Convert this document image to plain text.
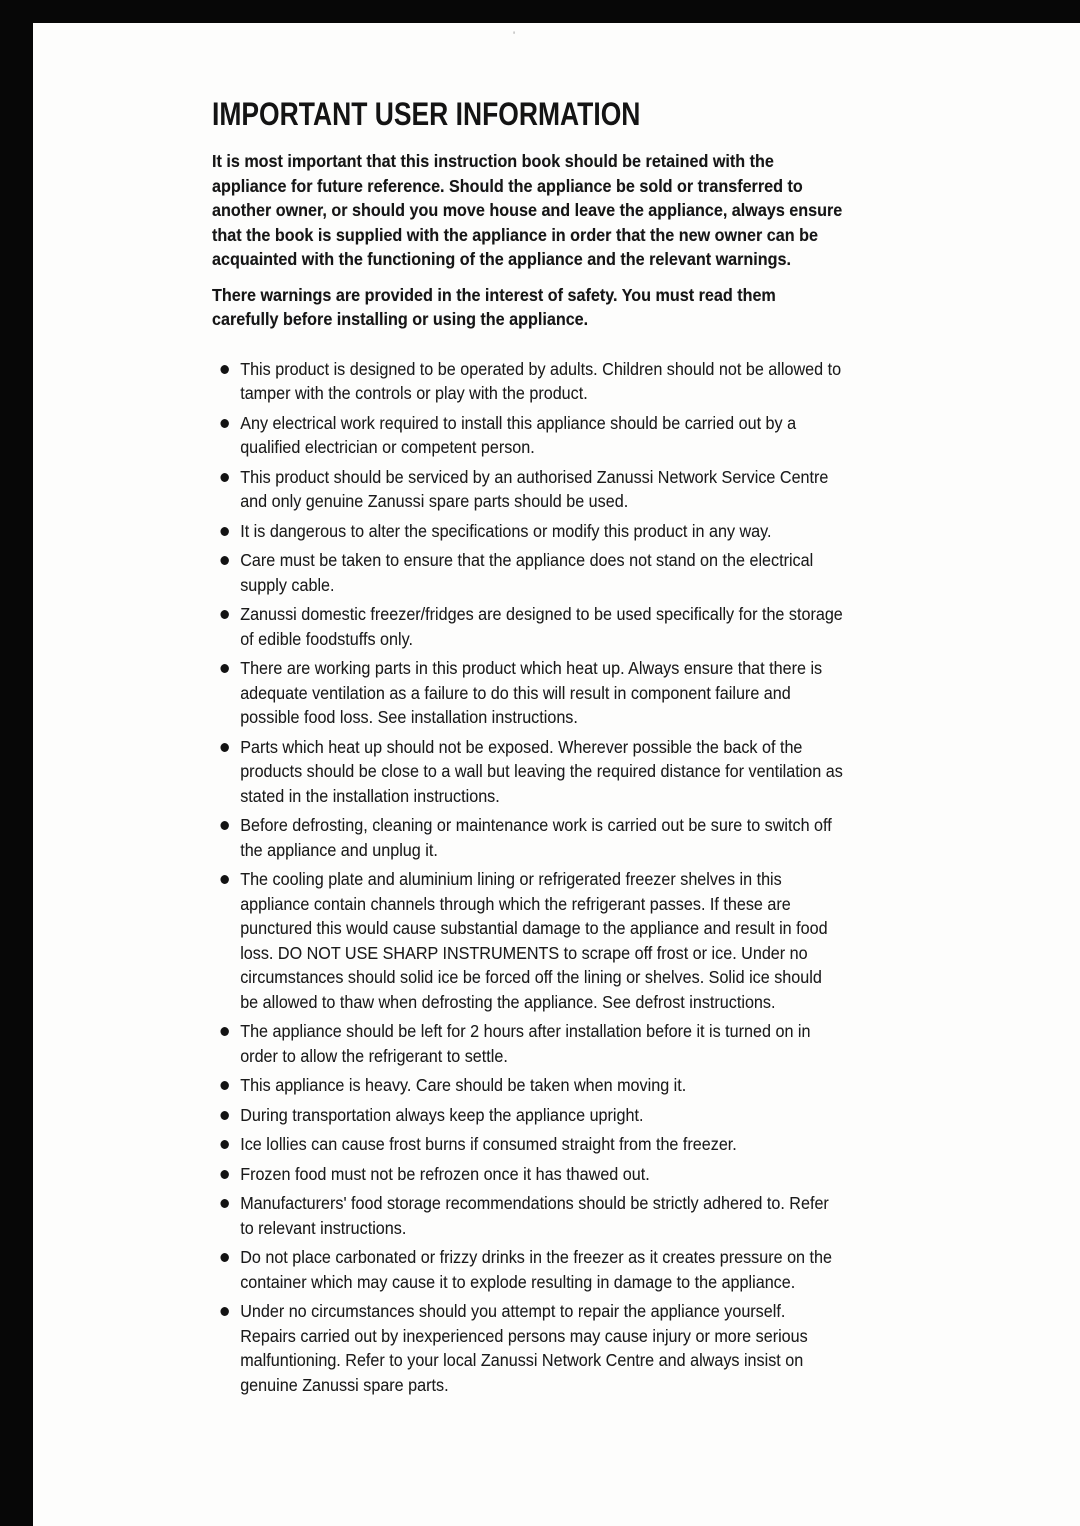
'
IMPORTANT USER INFORMATION

It is most important that this instruction book should be retained with the appliance for future reference. Should the appliance be sold or transferred to another owner, or should you move house and leave the appliance, always ensure that the book is supplied with the appliance in order that the new owner can be acquainted with the functioning of the appliance and the relevant warnings.

There warnings are provided in the interest of safety. You must read them carefully before installing or using the appliance.

This product is designed to be operated by adults. Children should not be allowed to tamper with the controls or play with the product.
Any electrical work required to install this appliance should be carried out by a qualified electrician or competent person.
This product should be serviced by an authorised Zanussi Network Service Centre and only genuine Zanussi spare parts should be used.
It is dangerous to alter the specifications or modify this product in any way.
Care must be taken to ensure that the appliance does not stand on the electrical supply cable.
Zanussi domestic freezer/fridges are designed to be used specifically for the storage of edible foodstuffs only.
There are working parts in this product which heat up. Always ensure that there is adequate ventilation as a failure to do this will result in component failure and possible food loss. See installation instructions.
Parts which heat up should not be exposed. Wherever possible the back of the products should be close to a wall but leaving the required distance for ventilation as stated in the installation instructions.
Before defrosting, cleaning or maintenance work is carried out be sure to switch off the appliance and unplug it.
The cooling plate and aluminium lining or refrigerated freezer shelves in this appliance contain channels through which the refrigerant passes. If these are punctured this would cause substantial damage to the appliance and result in food loss. DO NOT USE SHARP INSTRUMENTS to scrape off frost or ice. Under no circumstances should solid ice be forced off the lining or shelves. Solid ice should be allowed to thaw when defrosting the appliance. See defrost instructions.
The appliance should be left for 2 hours after installation before it is turned on in order to allow the refrigerant to settle.
This appliance is heavy. Care should be taken when moving it.
During transportation always keep the appliance upright.
Ice lollies can cause frost burns if consumed straight from the freezer.
Frozen food must not be refrozen once it has thawed out.
Manufacturers' food storage recommendations should be strictly adhered to. Refer to relevant instructions.
Do not place carbonated or frizzy drinks in the freezer as it creates pressure on the container which may cause it to explode resulting in damage to the appliance.
Under no circumstances should you attempt to repair the appliance yourself. Repairs carried out by inexperienced persons may cause injury or more serious malfuntioning. Refer to your local Zanussi Network Centre and always insist on genuine Zanussi spare parts.
